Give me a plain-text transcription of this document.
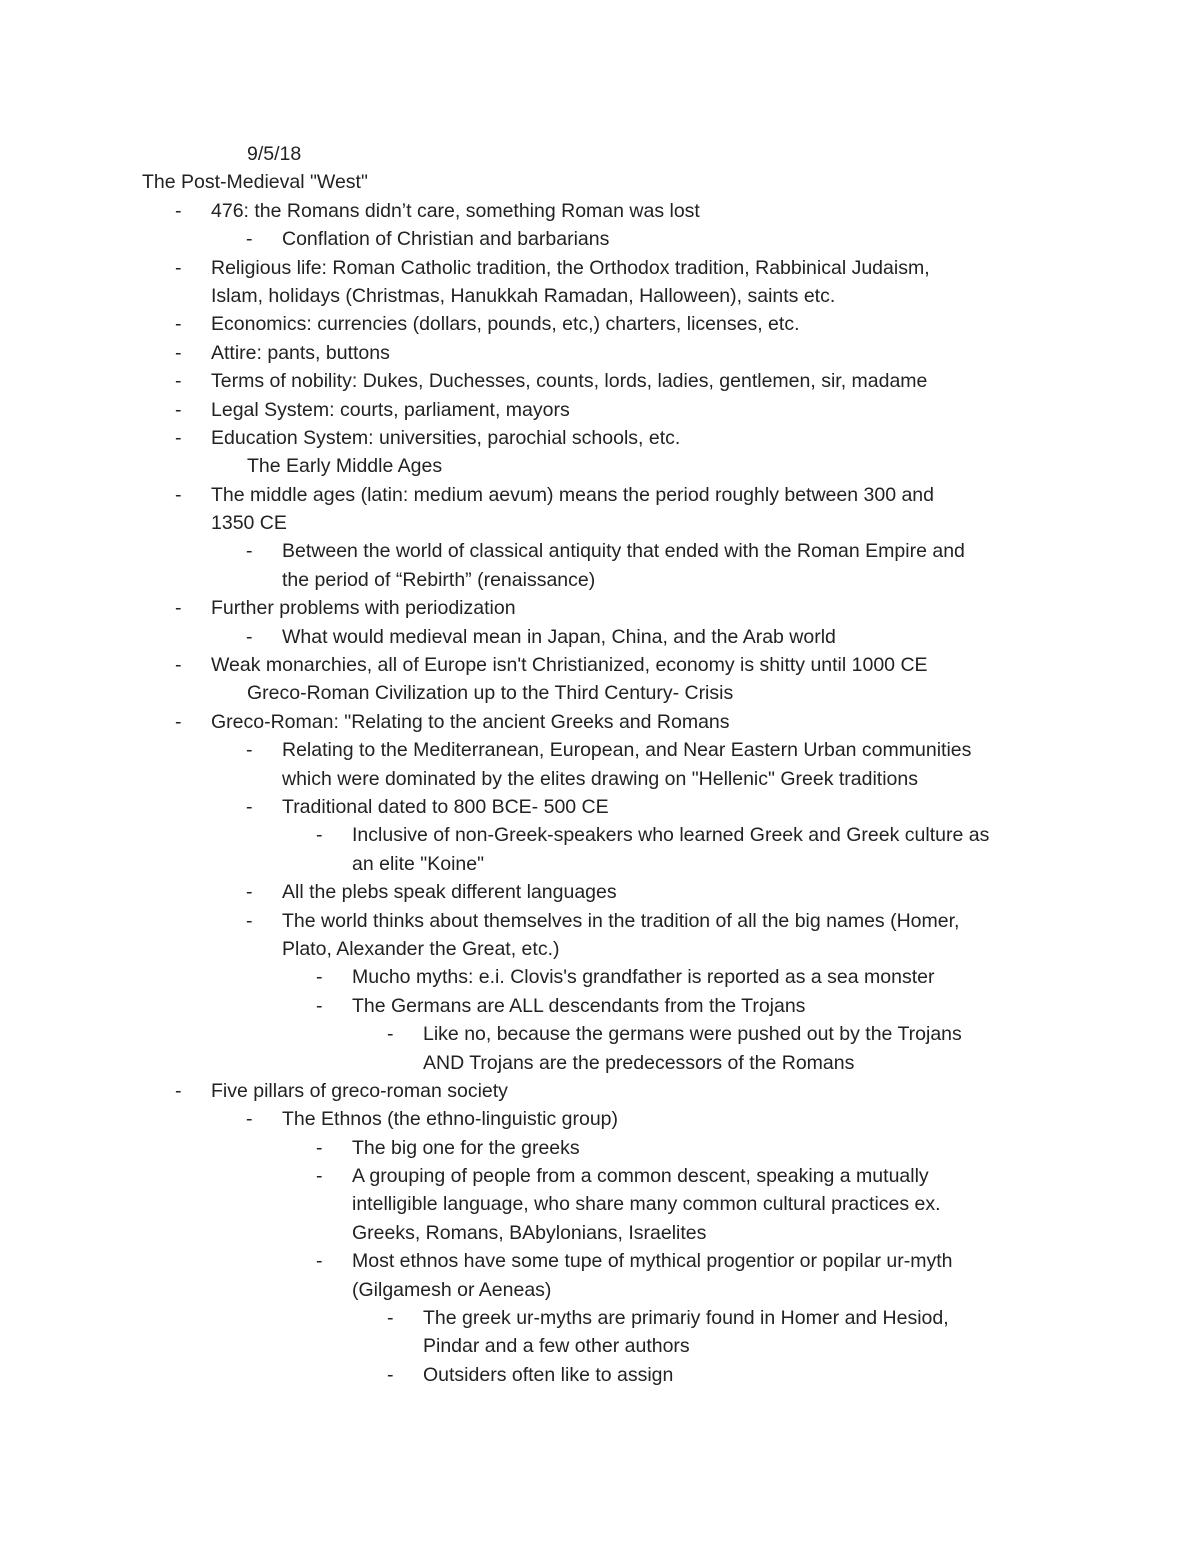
9/5/18
The Post-Medieval "West"
- 476: the Romans didn’t care, something Roman was lost
- Conflation of Christian and barbarians
- Religious life: Roman Catholic tradition, the Orthodox tradition, Rabbinical Judaism,
Islam, holidays (Christmas, Hanukkah Ramadan, Halloween), saints etc.
- Economics: currencies (dollars, pounds, etc,) charters, licenses, etc.
- Attire: pants, buttons
- Terms of nobility: Dukes, Duchesses, counts, lords, ladies, gentlemen, sir, madame
- Legal System: courts, parliament, mayors
- Education System: universities, parochial schools, etc.
The Early Middle Ages
- The middle ages (latin: medium aevum) means the period roughly between 300 and
1350 CE
- Between the world of classical antiquity that ended with the Roman Empire and
the period of “Rebirth” (renaissance)
- Further problems with periodization
- What would medieval mean in Japan, China, and the Arab world
- Weak monarchies, all of Europe isn't Christianized, economy is shitty until 1000 CE
Greco-Roman Civilization up to the Third Century- Crisis
- Greco-Roman: "Relating to the ancient Greeks and Romans
- Relating to the Mediterranean, European, and Near Eastern Urban communities
which were dominated by the elites drawing on "Hellenic" Greek traditions
- Traditional dated to 800 BCE- 500 CE
- Inclusive of non-Greek-speakers who learned Greek and Greek culture as
an elite "Koine"
- All the plebs speak different languages
- The world thinks about themselves in the tradition of all the big names (Homer,
Plato, Alexander the Great, etc.)
- Mucho myths: e.i. Clovis's grandfather is reported as a sea monster
- The Germans are ALL descendants from the Trojans
- Like no, because the germans were pushed out by the Trojans
AND Trojans are the predecessors of the Romans
- Five pillars of greco-roman society
- The Ethnos (the ethno-linguistic group)
- The big one for the greeks
- A grouping of people from a common descent, speaking a mutually
intelligible language, who share many common cultural practices ex.
Greeks, Romans, BAbylonians, Israelites
- Most ethnos have some tupe of mythical progentior or popilar ur-myth
(Gilgamesh or Aeneas)
- The greek ur-myths are primariy found in Homer and Hesiod,
Pindar and a few other authors
- Outsiders often like to assign
